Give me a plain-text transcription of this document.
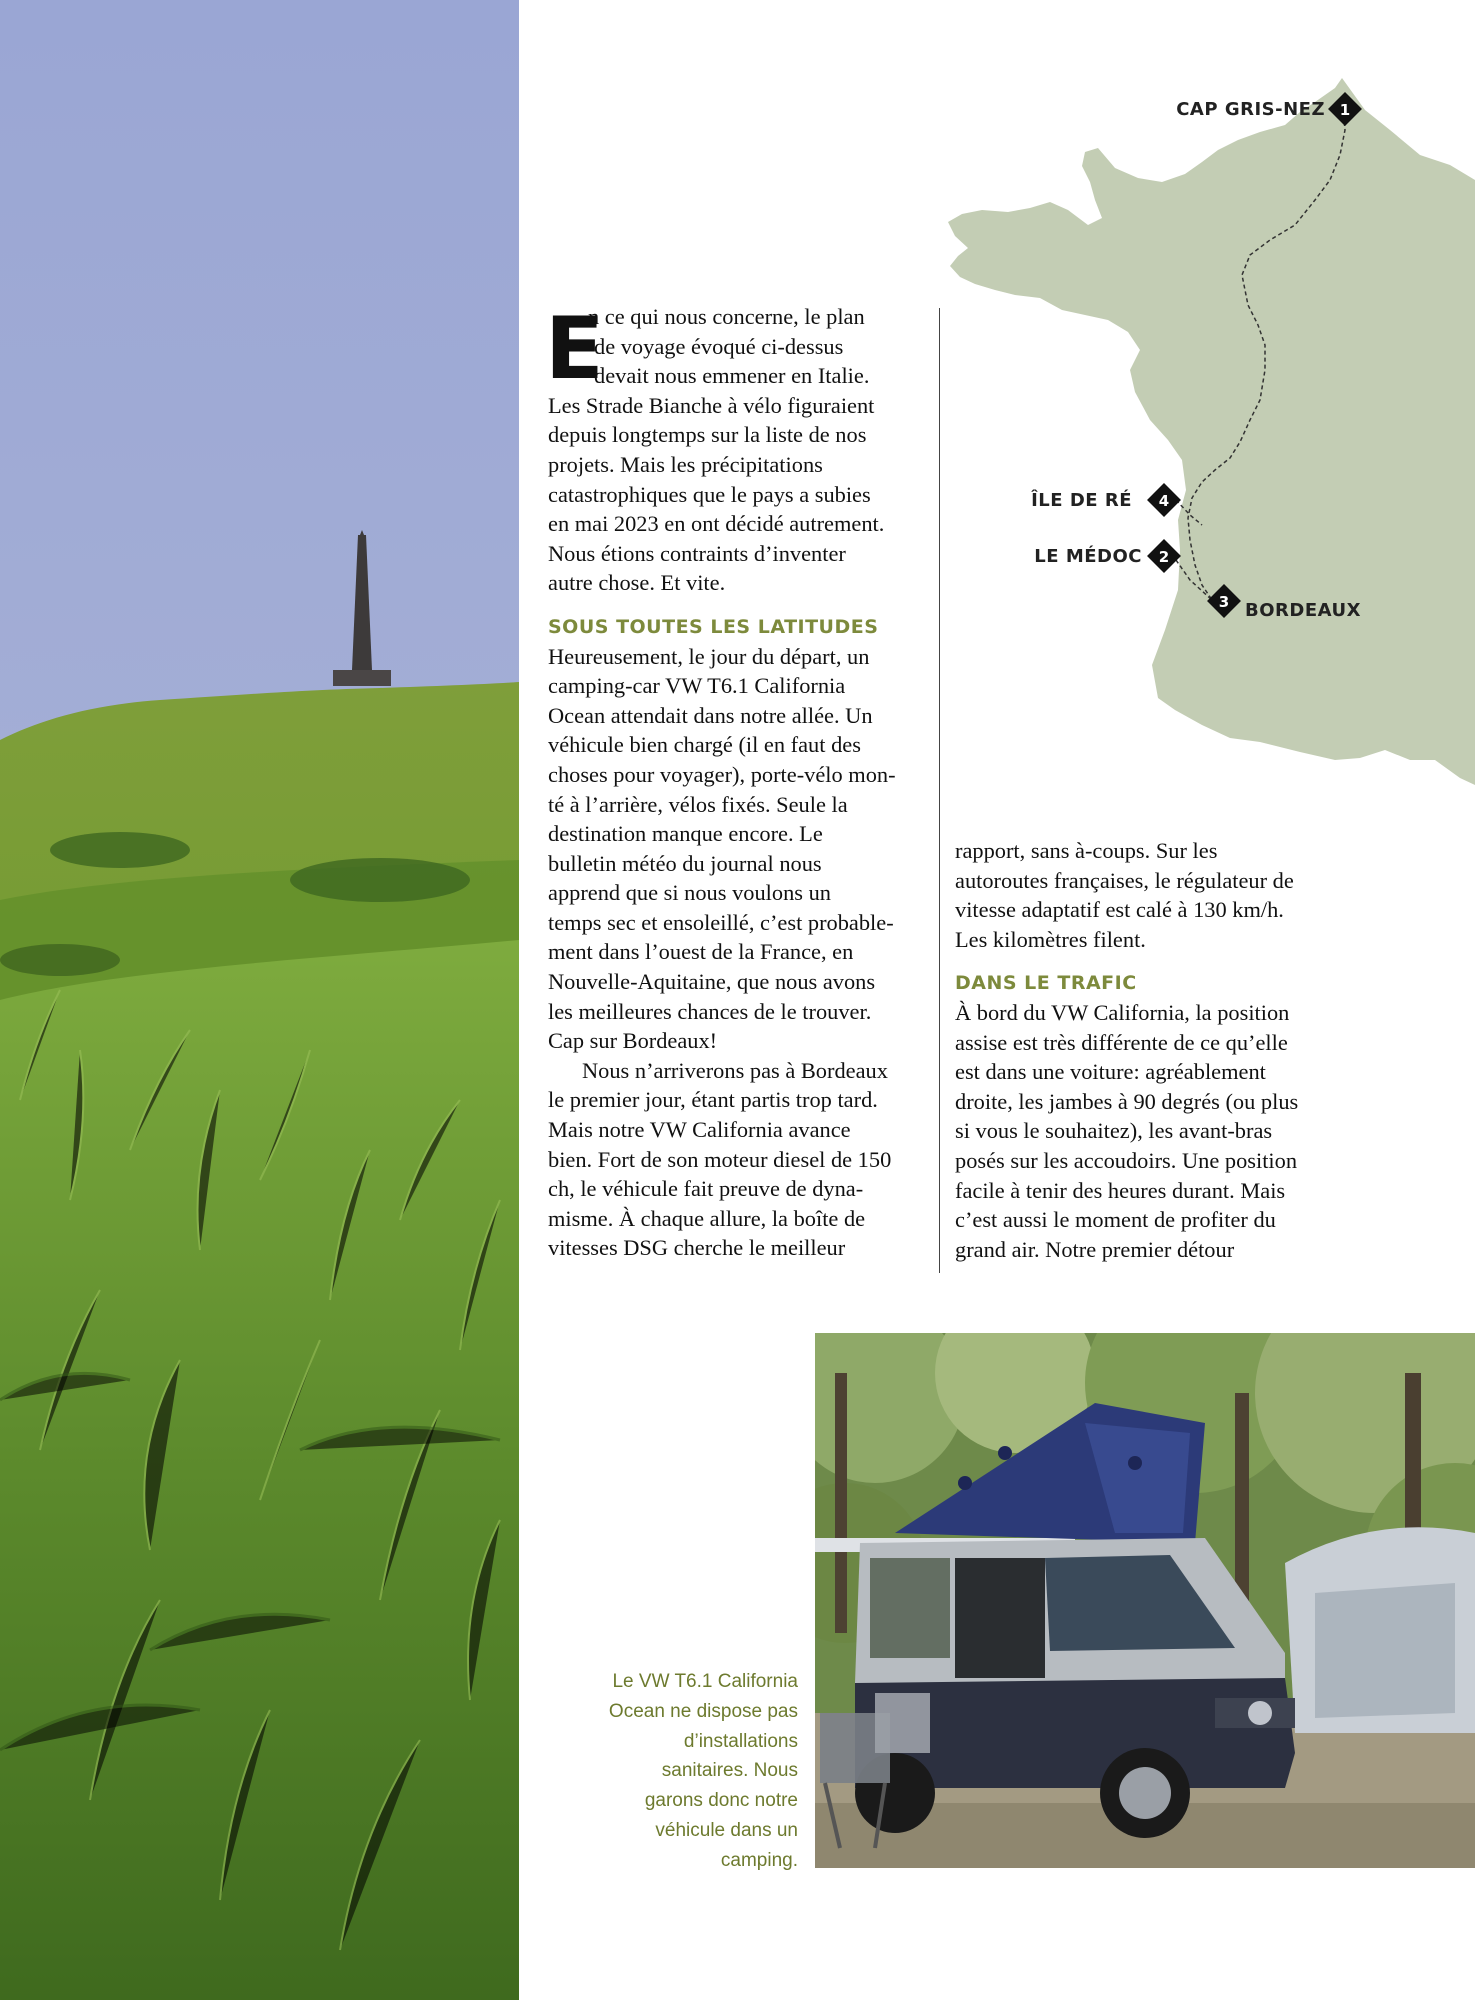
1
CAP GRIS-NEZ
4
ÎLE DE RÉ
2
LE MÉDOC
3 BORDEAUX
E

n ce qui nous concerne, le plan
de voyage évoqué ci-dessus
devait nous emmener en Italie.
Les Strade Bianche à vélo figuraient
depuis longtemps sur la liste de nos
projets. Mais les précipitations
catastrophiques que le pays a subies
en mai 2023 en ont décidé autrement.
Nous étions contraints d’inventer
autre chose. Et vite.

SOUS TOUTES LES LATITUDES

Heureusement, le jour du départ, un
camping-car VW T6.1 California
Ocean attendait dans notre allée. Un
véhicule bien chargé (il en faut des
choses pour voyager), porte-vélo mon-
té à l’arrière, vélos fixés. Seule la
destination manque encore. Le
bulletin météo du journal nous
apprend que si nous voulons un
temps sec et ensoleillé, c’est probable-
ment dans l’ouest de la France, en
Nouvelle-Aquitaine, que nous avons
les meilleures chances de le trouver.
Cap sur Bordeaux!

Nous n’arriverons pas à Bordeaux
le premier jour, étant partis trop tard.
Mais notre VW California avance
bien. Fort de son moteur diesel de 150
ch, le véhicule fait preuve de dyna-
misme. À chaque allure, la boîte de
vitesses DSG cherche le meilleur

rapport, sans à-coups. Sur les
autoroutes françaises, le régulateur de
vitesse adaptatif est calé à 130 km/h.
Les kilomètres filent.

DANS LE TRAFIC

À bord du VW California, la position
assise est très différente de ce qu’elle
est dans une voiture: agréablement
droite, les jambes à 90 degrés (ou plus
si vous le souhaitez), les avant-bras
posés sur les accoudoirs. Une position
facile à tenir des heures durant. Mais
c’est aussi le moment de profiter du
grand air. Notre premier détour

Le VW T6.1 California
Ocean ne dispose pas
d’installations
sanitaires. Nous
garons donc notre
véhicule dans un
camping.
